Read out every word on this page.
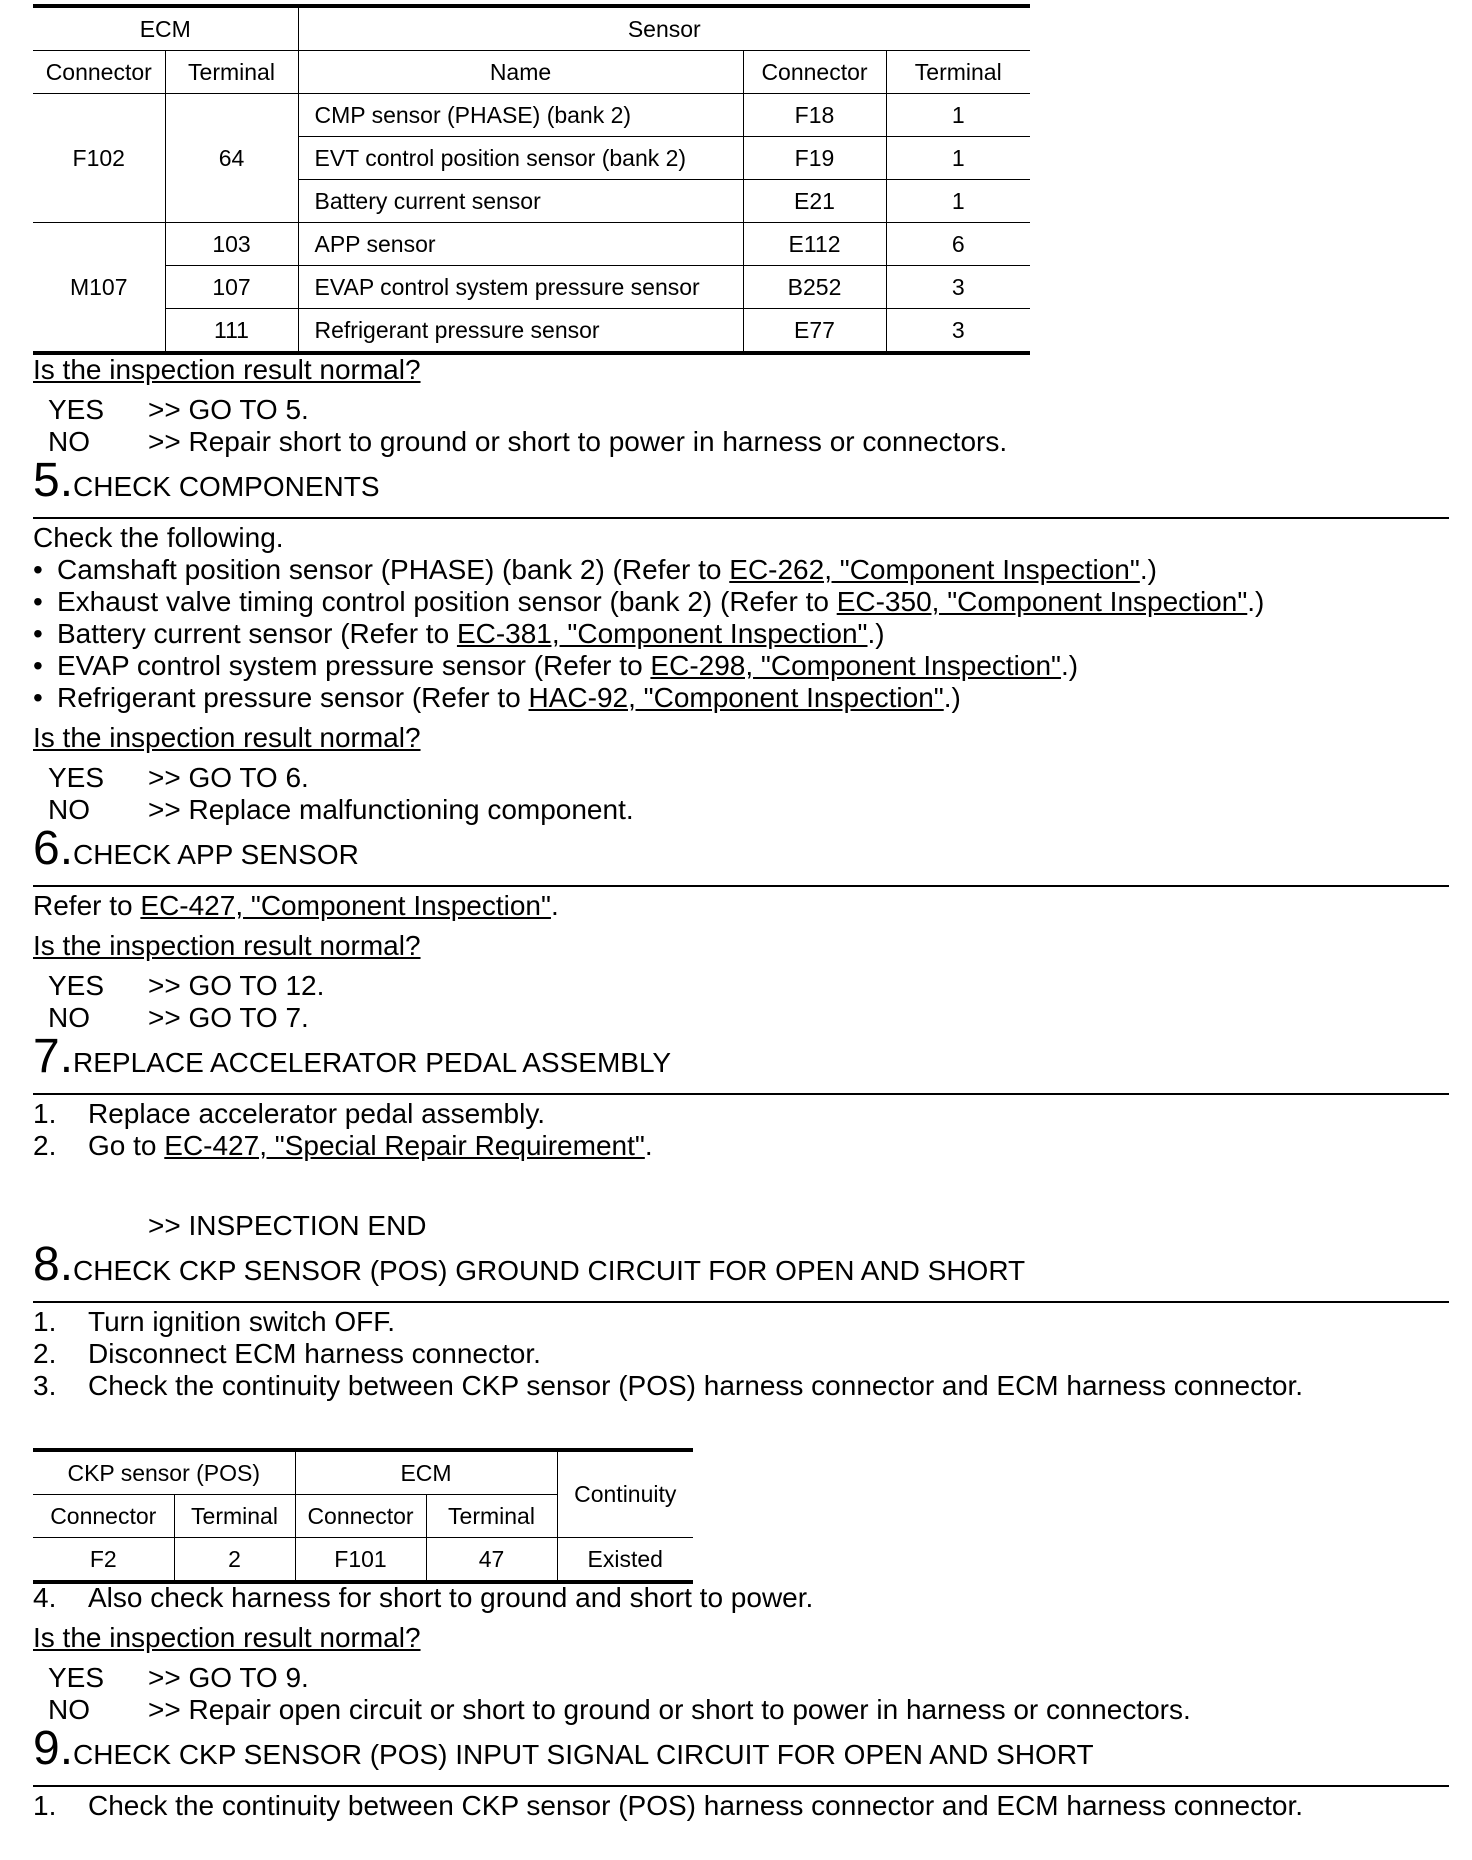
ECM		Sensor		
Connector	Terminal	Name	Connector	Terminal
F102	64	CMP sensor (PHASE) (bank 2)	F18	1
		EVT control position sensor (bank 2)	F19	1
		Battery current sensor	E21	1
M107	103	APP sensor	E112	6
	107	EVAP control system pressure sensor	B252	3
	111	Refrigerant pressure sensor	E77	3
Is the inspection result normal?
YES >> GO TO 5.
NO >> Repair short to ground or short to power in harness or connectors.
5.CHECK COMPONENTS
Check the following.
• Camshaft position sensor (PHASE) (bank 2) (Refer to EC-262, "Component Inspection".)
• Exhaust valve timing control position sensor (bank 2) (Refer to EC-350, "Component Inspection".)
• Battery current sensor (Refer to EC-381, "Component Inspection".)
• EVAP control system pressure sensor (Refer to EC-298, "Component Inspection".)
• Refrigerant pressure sensor (Refer to HAC-92, "Component Inspection".)
Is the inspection result normal?
YES >> GO TO 6.
NO >> Replace malfunctioning component.
6.CHECK APP SENSOR
Refer to EC-427, "Component Inspection".
Is the inspection result normal?
YES >> GO TO 12.
NO >> GO TO 7.
7.REPLACE ACCELERATOR PEDAL ASSEMBLY
1. Replace accelerator pedal assembly.
2. Go to EC-427, "Special Repair Requirement".
>> INSPECTION END
8.CHECK CKP SENSOR (POS) GROUND CIRCUIT FOR OPEN AND SHORT
1. Turn ignition switch OFF.
2. Disconnect ECM harness connector.
3. Check the continuity between CKP sensor (POS) harness connector and ECM harness connector.
CKP sensor (POS)		ECM		Continuity
Connector	Terminal	Connector	Terminal	
F2	2	F101	47	Existed
4. Also check harness for short to ground and short to power.
Is the inspection result normal?
YES >> GO TO 9.
NO >> Repair open circuit or short to ground or short to power in harness or connectors.
9.CHECK CKP SENSOR (POS) INPUT SIGNAL CIRCUIT FOR OPEN AND SHORT
1. Check the continuity between CKP sensor (POS) harness connector and ECM harness connector.
